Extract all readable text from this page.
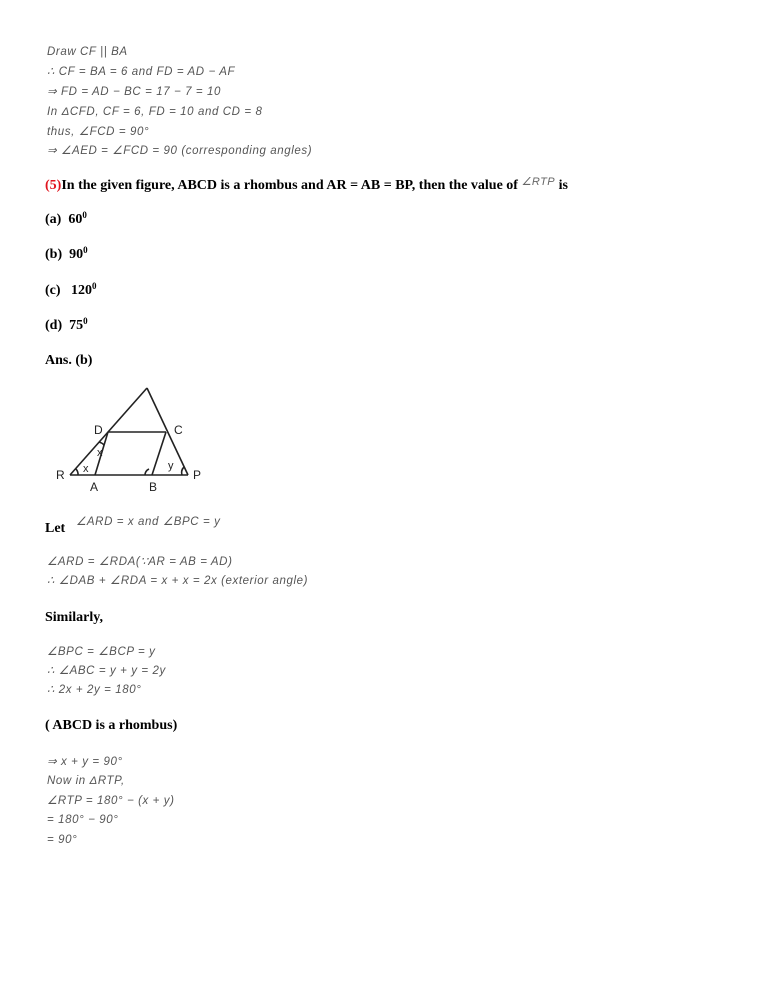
Draw CF || BA
∴ CF = BA = 6 and FD = AD − AF
⇒ FD = AD − BC = 17 − 7 = 10
In ΔCFD, CF = 6, FD = 10 and CD = 8
thus, ∠FCD = 90°
⇒ ∠AED = ∠FCD = 90 (corresponding angles)
(5)In the given figure, ABCD is a rhombus and AR = AB = BP, then the value of $^{\angle RTP}$ is
(a) $60^0$
(b) $90^0$
(c) $120^0$
(d) $75^0$
Ans. (b)
D	C
R
A	B
P
x
x
y
Let ∠ARD = x and ∠BPC = y
∠ARD = ∠RDA(∵AR = AB = AD)
∴ ∠DAB + ∠RDA = x + x = 2x (exterior angle)
Similarly,
∠BPC = ∠BCP = y
∴ ∠ABC = y + y = 2y
∴ 2x + 2y = 180°
( ABCD is a rhombus)
⇒ x + y = 90°
Now in ΔRTP,
∠RTP = 180° − (x + y)
= 180° − 90°
= 90°
